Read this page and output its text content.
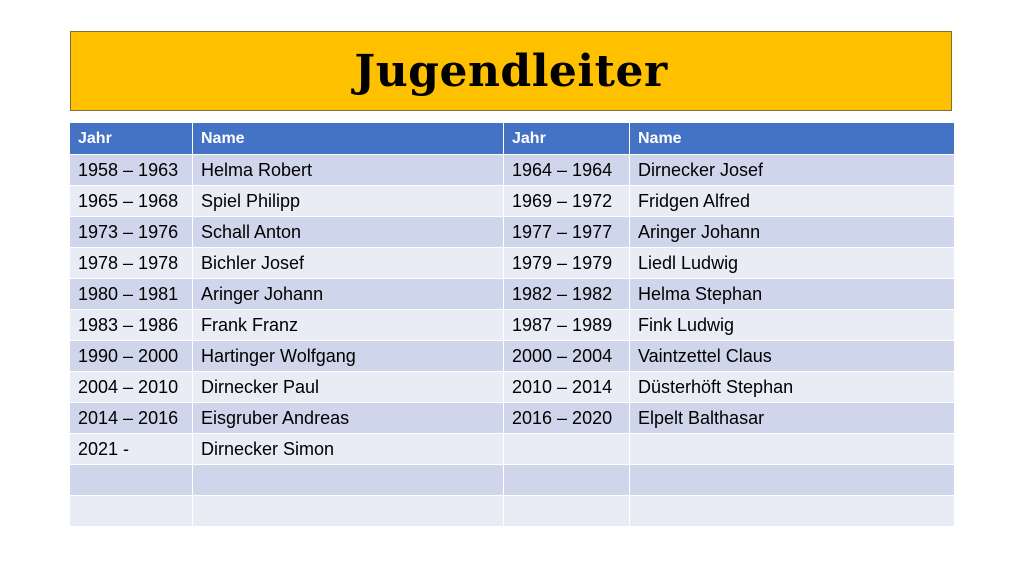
Jugendleiter
Jahr	Name	Jahr	Name
1958 – 1963	Helma Robert	1964 – 1964	Dirnecker Josef
1965 – 1968	Spiel Philipp	1969 – 1972	Fridgen Alfred
1973 – 1976	Schall Anton	1977 – 1977	Aringer Johann
1978 – 1978	Bichler Josef	1979 – 1979	Liedl Ludwig
1980 – 1981	Aringer Johann	1982 – 1982	Helma Stephan
1983 – 1986	Frank Franz	1987 – 1989	Fink Ludwig
1990 – 2000	Hartinger Wolfgang	2000 – 2004	Vaintzettel Claus
2004 – 2010	Dirnecker Paul	2010 – 2014	Düsterhöft Stephan
2014 – 2016	Eisgruber Andreas	2016 – 2020	Elpelt Balthasar
2021 -	Dirnecker Simon		
